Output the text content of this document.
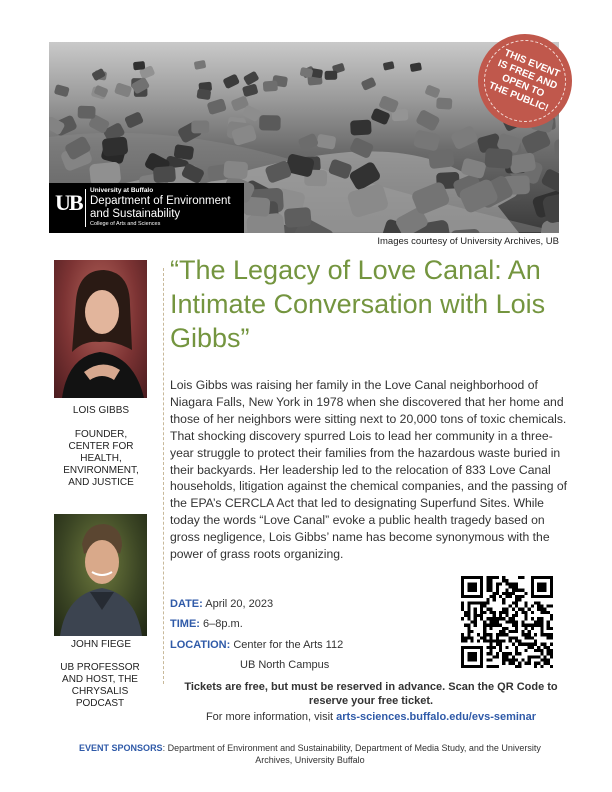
UB University at Buffalo
Department of Environment and Sustainability
College of Arts and Sciences
THIS EVENT IS FREE AND OPEN TO THE PUBLIC!
Images courtesy of University Archives, UB
LOIS GIBBS
FOUNDER, CENTER FOR HEALTH, ENVIRONMENT, AND JUSTICE
JOHN FIEGE
UB PROFESSOR AND HOST, THE CHRYSALIS PODCAST
“The Legacy of Love Canal: An Intimate Conversation with Lois Gibbs”

Lois Gibbs was raising her family in the Love Canal neighborhood of Niagara Falls, New York in 1978 when she discovered that her home and those of her neighbors were sitting next to 20,000 tons of toxic chemicals. That shocking discovery spurred Lois to lead her community in a three-year struggle to protect their families from the hazardous waste buried in their backyards. Her leadership led to the relocation of 833 Love Canal households, litigation against the chemical companies, and the passing of the EPA’s CERCLA Act that led to designating Superfund Sites. While today the words “Love Canal” evoke a public health tragedy based on gross negligence, Lois Gibbs’ name has become synonymous with the power of grass roots organizing.

DATE: April 20, 2023
TIME: 6–8p.m.
LOCATION: Center for the Arts 112
UB North Campus

Tickets are free, but must be reserved in advance. Scan the QR Code to reserve your free ticket.

For more information, visit arts-sciences.buffalo.edu/evs-seminar

EVENT SPONSORS: Department of Environment and Sustainability, Department of Media Study, and the University Archives, University Buffalo
